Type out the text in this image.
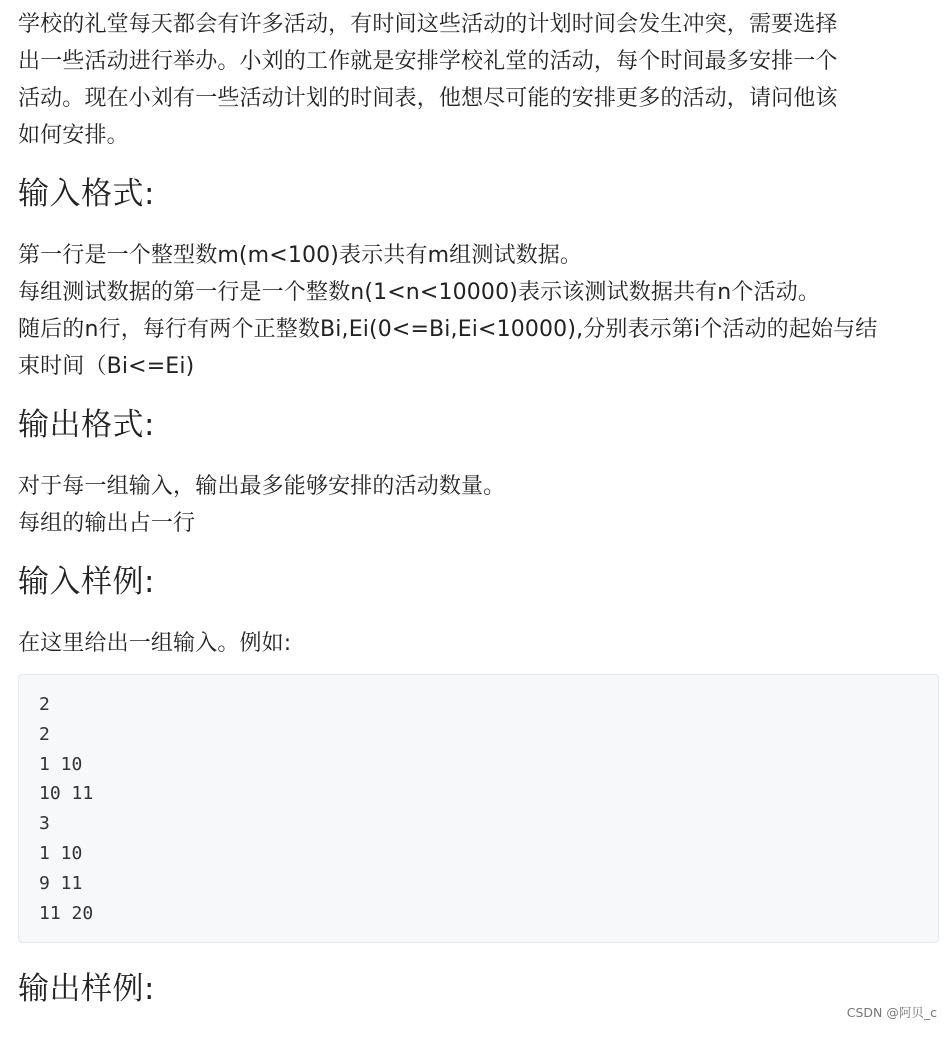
学校的礼堂每天都会有许多活动，有时间这些活动的计划时间会发生冲突，需要选择
出一些活动进行举办。小刘的工作就是安排学校礼堂的活动，每个时间最多安排一个
活动。现在小刘有一些活动计划的时间表，他想尽可能的安排更多的活动，请问他该
如何安排。

输入格式:

第一行是一个整型数m(m<100)表示共有m组测试数据。
每组测试数据的第一行是一个整数n(1<n<10000)表示该测试数据共有n个活动。
随后的n行，每行有两个正整数Bi,Ei(0<=Bi,Ei<10000),分别表示第i个活动的起始与结
束时间（Bi<=Ei)

输出格式:

对于每一组输入，输出最多能够安排的活动数量。
每组的输出占一行

输入样例:

在这里给出一组输入。例如:

2
2
1 10
10 11
3
1 10
9 11
11 20
输出样例:
CSDN @阿贝_c
